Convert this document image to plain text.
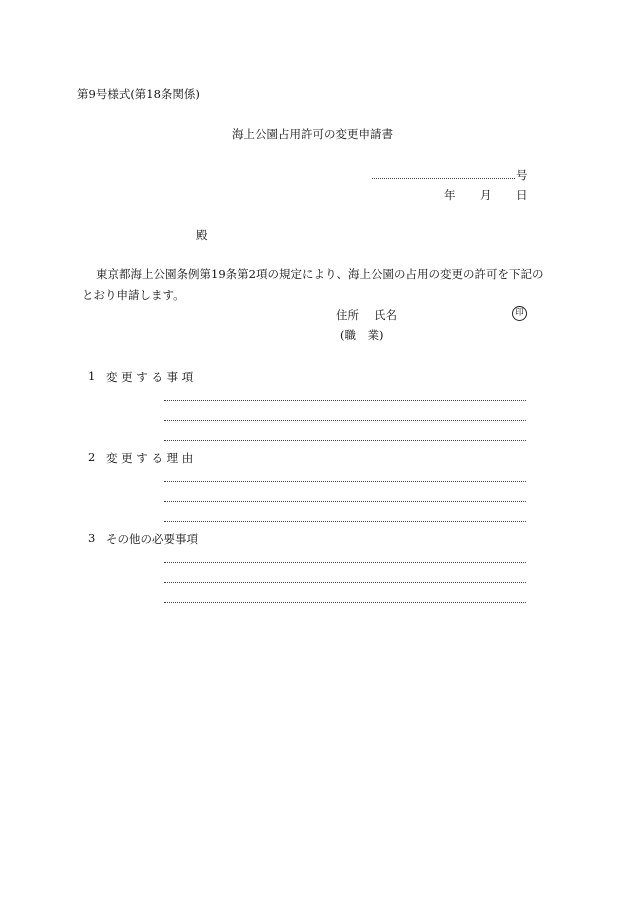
第9号様式(第18条関係)
海上公園占用許可の変更申請書
号
年 月 日
殿
東京都海上公園条例第19条第2項の規定により、海上公園の占用の変更の許可を下記の
とおり申請します。
住所 氏名	印
(職　業)
1 変 更 す る 事 項
2 変 更 す る 理 由
3 その他の必要事項
